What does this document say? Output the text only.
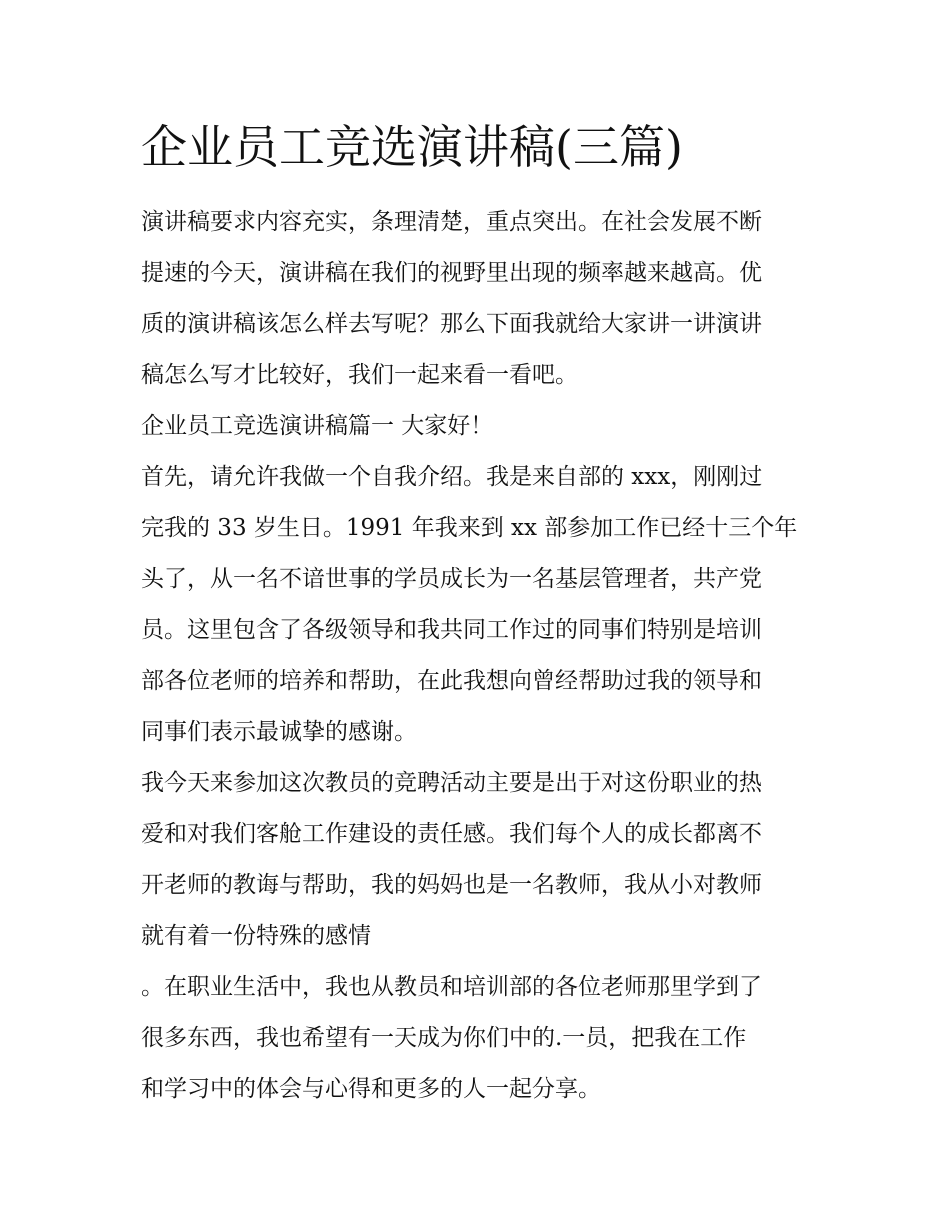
企业员工竞选演讲稿(三篇)

演讲稿要求内容充实，条理清楚，重点突出。在社会发展不断

提速的今天，演讲稿在我们的视野里出现的频率越来越高。优

质的演讲稿该怎么样去写呢？那么下面我就给大家讲一讲演讲

稿怎么写才比较好，我们一起来看一看吧。

企业员工竞选演讲稿篇一 大家好！

首先，请允许我做一个自我介绍。我是来自部的 xxx，刚刚过

完我的 33 岁生日。1991 年我来到 xx 部参加工作已经十三个年

头了，从一名不谙世事的学员成长为一名基层管理者，共产党

员。这里包含了各级领导和我共同工作过的同事们特别是培训

部各位老师的培养和帮助，在此我想向曾经帮助过我的领导和

同事们表示最诚挚的感谢。

我今天来参加这次教员的竞聘活动主要是出于对这份职业的热

爱和对我们客舱工作建设的责任感。我们每个人的成长都离不

开老师的教诲与帮助，我的妈妈也是一名教师，我从小对教师

就有着一份特殊的感情

。在职业生活中，我也从教员和培训部的各位老师那里学到了

很多东西，我也希望有一天成为你们中的.一员，把我在工作

和学习中的体会与心得和更多的人一起分享。
